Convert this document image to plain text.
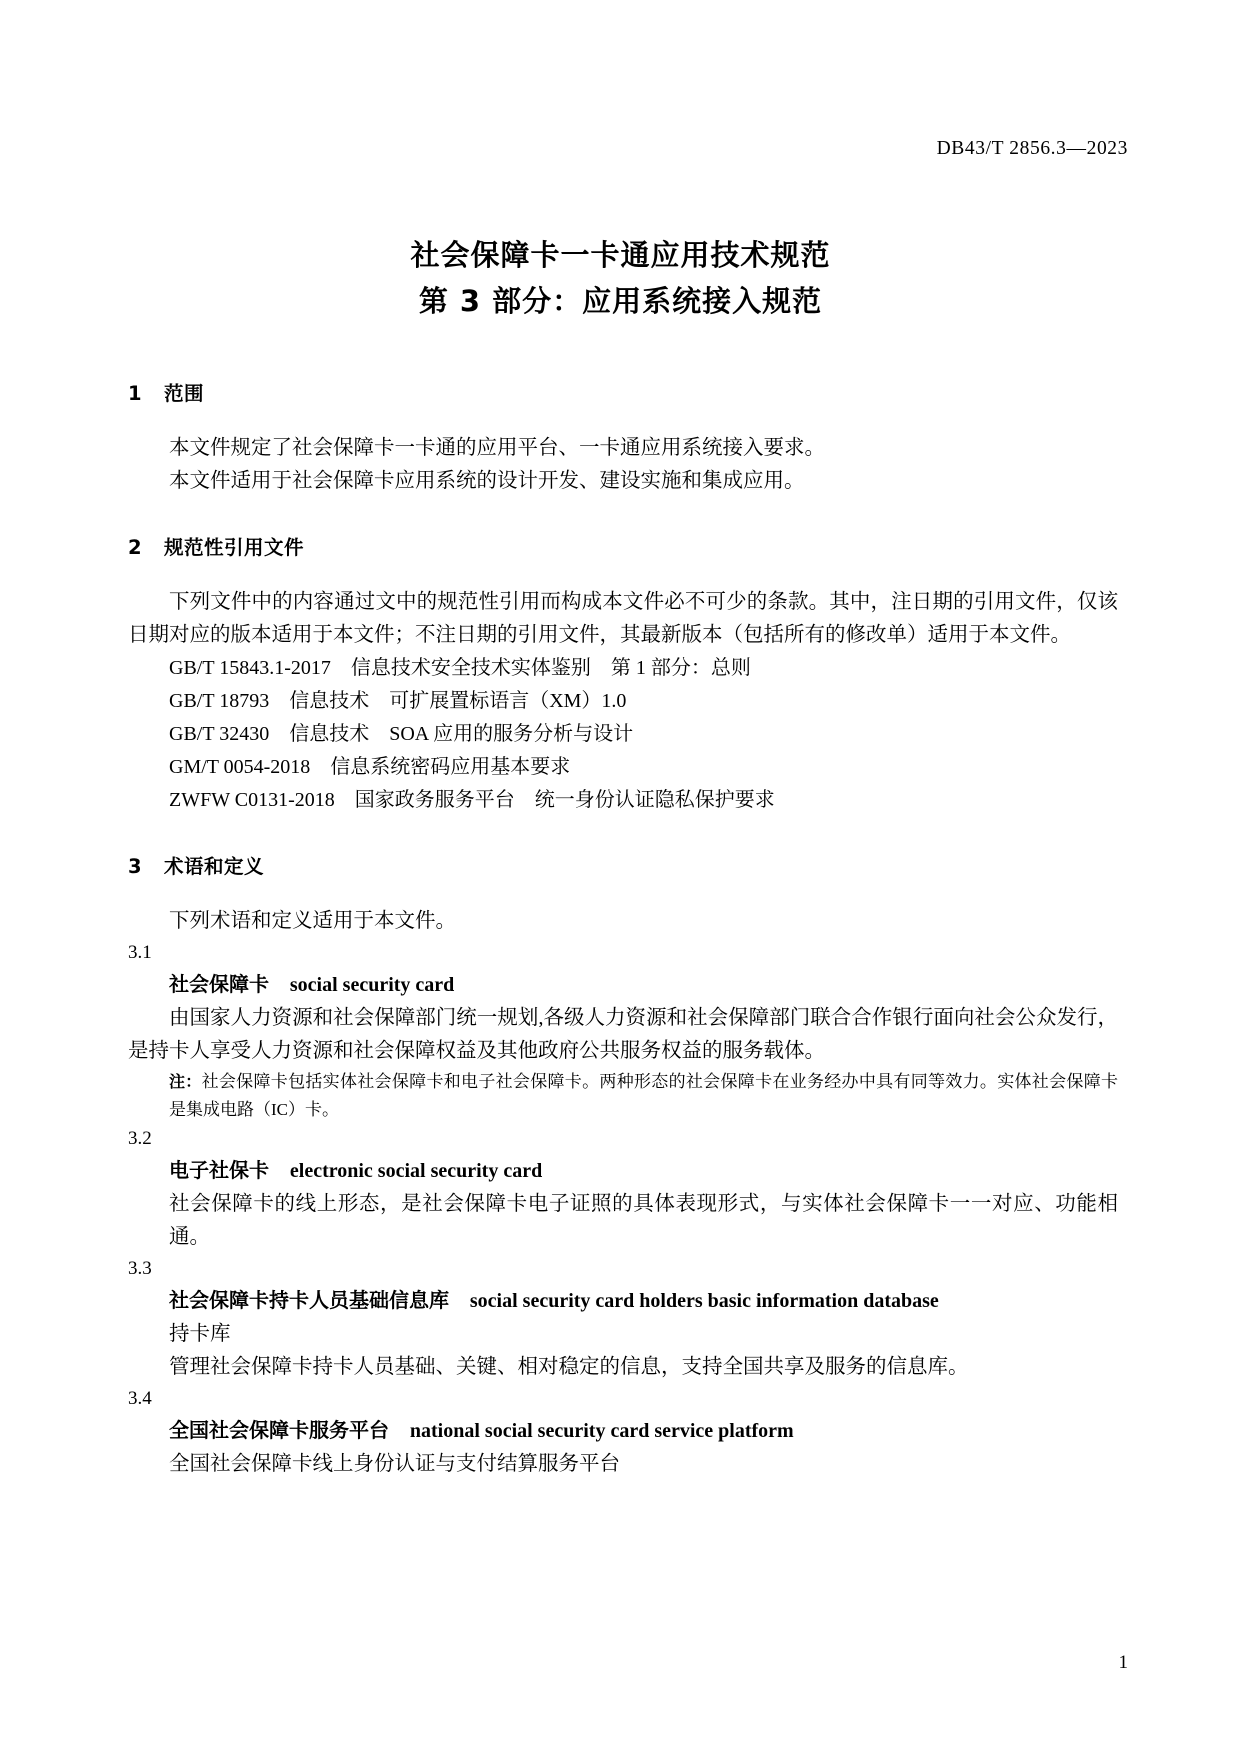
DB43/T 2856.3—2023
社会保障卡一卡通应用技术规范
第 3 部分：应用系统接入规范

1 范围

本文件规定了社会保障卡一卡通的应用平台、一卡通应用系统接入要求。

本文件适用于社会保障卡应用系统的设计开发、建设实施和集成应用。

2 规范性引用文件

下列文件中的内容通过文中的规范性引用而构成本文件必不可少的条款。其中，注日期的引用文件，仅该日期对应的版本适用于本文件；不注日期的引用文件，其最新版本（包括所有的修改单）适用于本文件。

GB/T 15843.1-2017　信息技术安全技术实体鉴别　第 1 部分：总则

GB/T 18793　信息技术　可扩展置标语言（XM）1.0

GB/T 32430　信息技术　SOA 应用的服务分析与设计

GM/T 0054-2018　信息系统密码应用基本要求

ZWFW C0131-2018　国家政务服务平台　统一身份认证隐私保护要求

3 术语和定义

下列术语和定义适用于本文件。

3.1

社会保障卡 social security card

由国家人力资源和社会保障部门统一规划,各级人力资源和社会保障部门联合合作银行面向社会公众发行，是持卡人享受人力资源和社会保障权益及其他政府公共服务权益的服务载体。

注：社会保障卡包括实体社会保障卡和电子社会保障卡。两种形态的社会保障卡在业务经办中具有同等效力。实体社会保障卡是集成电路（IC）卡。

3.2

电子社保卡 electronic social security card

社会保障卡的线上形态，是社会保障卡电子证照的具体表现形式，与实体社会保障卡一一对应、功能相通。

3.3

社会保障卡持卡人员基础信息库 social security card holders basic information database

持卡库

管理社会保障卡持卡人员基础、关键、相对稳定的信息，支持全国共享及服务的信息库。

3.4

全国社会保障卡服务平台 national social security card service platform

全国社会保障卡线上身份认证与支付结算服务平台

1
